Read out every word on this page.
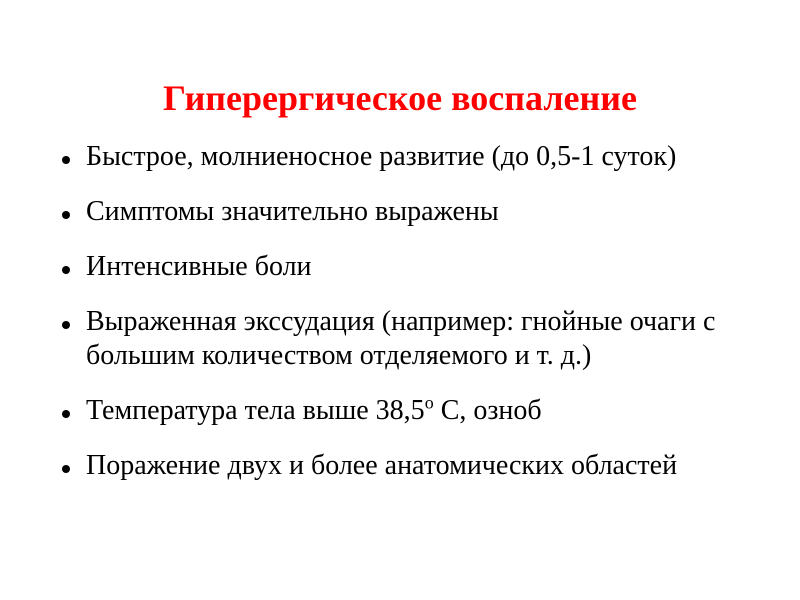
Гиперергическое воспаление
Быстрое, молниеносное развитие (до 0,5-1 суток)
Симптомы значительно выражены
Интенсивные боли
Выраженная экссудация (например: гнойные очаги с большим количеством отделяемого и т. д.)
Температура тела выше $38,5^о$ С, озноб
Поражение двух и более анатомических областей
